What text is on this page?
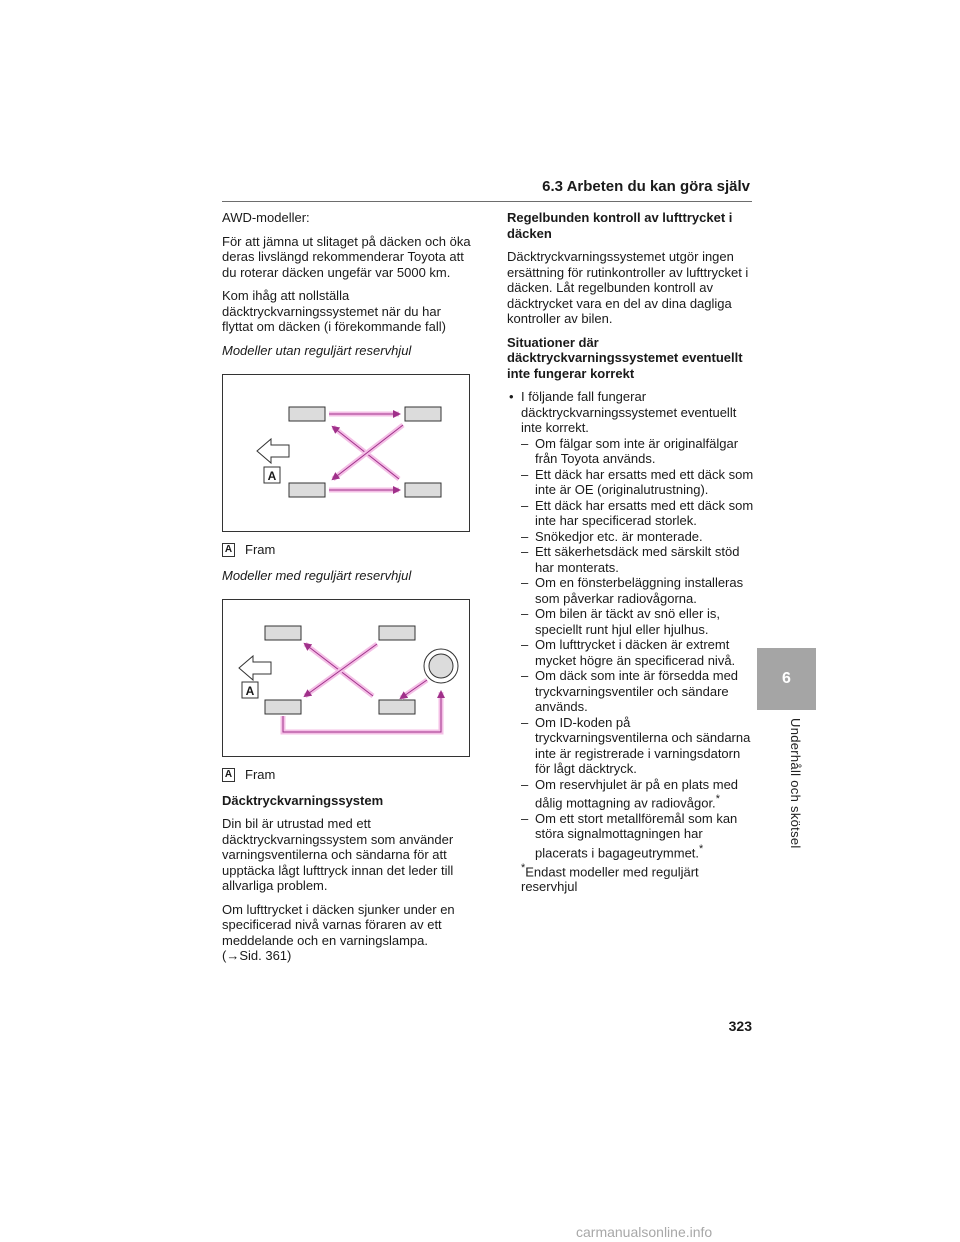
6.3 Arbeten du kan göra själv

AWD-modeller:

För att jämna ut slitaget på däcken och öka deras livslängd rekommenderar Toyota att du roterar däcken ungefär var 5000 km.

Kom ihåg att nollställa däcktryckvarningssystemet när du har flyttat om däcken (i förekommande fall)

Modeller utan reguljärt reservhjul

A
A Fram

Modeller med reguljärt reservhjul

A
A Fram

Däcktryckvarningssystem

Din bil är utrustad med ett däcktryckvarningssystem som använder varningsventilerna och sändarna för att upptäcka lågt lufttryck innan det leder till allvarliga problem.

Om lufttrycket i däcken sjunker under en specificerad nivå varnas föraren av ett meddelande och en varningslampa.
(→Sid. 361)

Regelbunden kontroll av lufttrycket i däcken

Däcktryckvarningssystemet utgör ingen ersättning för rutinkontroller av lufttrycket i däcken. Låt regelbunden kontroll av däcktrycket vara en del av dina dagliga kontroller av bilen.

Situationer där däcktryckvarningssystemet eventuellt inte fungerar korrekt

• I följande fall fungerar däcktryckvarningssystemet eventuellt inte korrekt.
– Om fälgar som inte är originalfälgar från Toyota används.
– Ett däck har ersatts med ett däck som inte är OE (originalutrustning).
– Ett däck har ersatts med ett däck som inte har specificerad storlek.
– Snökedjor etc. är monterade.
– Ett säkerhetsdäck med särskilt stöd har monterats.
– Om en fönsterbeläggning installeras som påverkar radiovågorna.
– Om bilen är täckt av snö eller is, speciellt runt hjul eller hjulhus.
– Om lufttrycket i däcken är extremt mycket högre än specificerad nivå.
– Om däck som inte är försedda med tryckvarningsventiler och sändare används.
– Om ID-koden på tryckvarningsventilerna och sändarna inte är registrerade i varningsdatorn för lågt däcktryck.
– Om reservhjulet är på en plats med dålig mottagning av radiovågor.*
– Om ett stort metallföremål som kan störa signalmottagningen har placerats i bagageutrymmet.*

*Endast modeller med reguljärt reservhjul

6
Underhåll och skötsel
323
carmanualsonline.info
